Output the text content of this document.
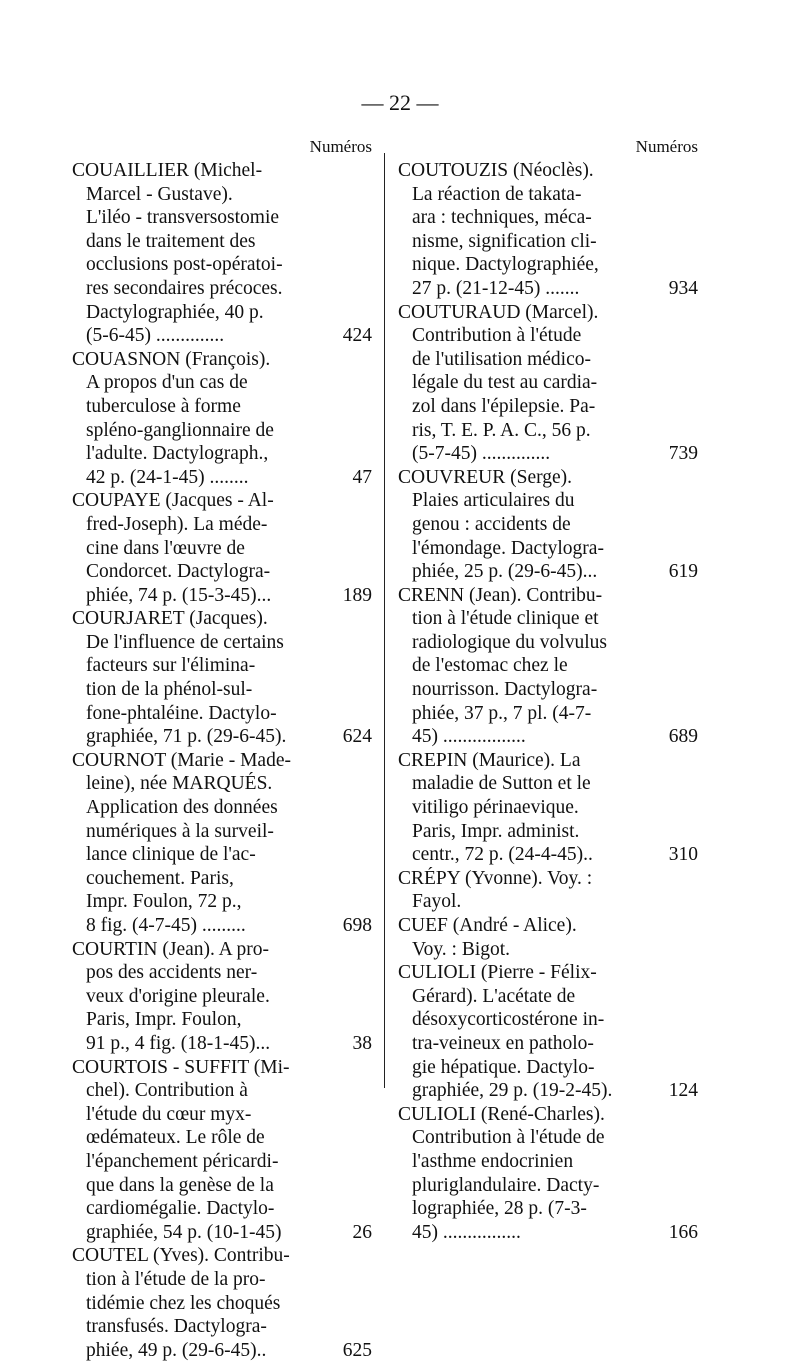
— 22 —
Numéros
COUAILLIER (Michel-
Marcel - Gustave).
L'iléo - transversostomie
dans le traitement des
occlusions post-opératoi-
res secondaires précoces.
Dactylographiée, 40 p.
(5-6-45) ..............	424
COUASNON (François).
A propos d'un cas de
tuberculose à forme
spléno-ganglionnaire de
l'adulte. Dactylograph.,
42 p. (24-1-45) ........	47
COUPAYE (Jacques - Al-
fred-Joseph). La méde-
cine dans l'œuvre de
Condorcet. Dactylogra-
phiée, 74 p. (15-3-45)...	189
COURJARET (Jacques).
De l'influence de certains
facteurs sur l'élimina-
tion de la phénol-sul-
fone-phtaléine. Dactylo-
graphiée, 71 p. (29-6-45).	624
COURNOT (Marie - Made-
leine), née MARQUÉS.
Application des données
numériques à la surveil-
lance clinique de l'ac-
couchement. Paris,
Impr. Foulon, 72 p.,
8 fig. (4-7-45) .........	698
COURTIN (Jean). A pro-
pos des accidents ner-
veux d'origine pleurale.
Paris, Impr. Foulon,
91 p., 4 fig. (18-1-45)...	38
COURTOIS - SUFFIT (Mi-
chel). Contribution à
l'étude du cœur myx-
œdémateux. Le rôle de
l'épanchement péricardi-
que dans la genèse de la
cardiomégalie. Dactylo-
graphiée, 54 p. (10-1-45)	26
COUTEL (Yves). Contribu-
tion à l'étude de la pro-
tidémie chez les choqués
transfusés. Dactylogra-
phiée, 49 p. (29-6-45)..	625
Numéros
COUTOUZIS (Néoclès).
La réaction de takata-
ara : techniques, méca-
nisme, signification cli-
nique. Dactylographiée,
27 p. (21-12-45) .......	934
COUTURAUD (Marcel).
Contribution à l'étude
de l'utilisation médico-
légale du test au cardia-
zol dans l'épilepsie. Pa-
ris, T. E. P. A. C., 56 p.
(5-7-45) ..............	739
COUVREUR (Serge).
Plaies articulaires du
genou : accidents de
l'émondage. Dactylogra-
phiée, 25 p. (29-6-45)...	619
CRENN (Jean). Contribu-
tion à l'étude clinique et
radiologique du volvulus
de l'estomac chez le
nourrisson. Dactylogra-
phiée, 37 p., 7 pl. (4-7-
45) .................	689
CREPIN (Maurice). La
maladie de Sutton et le
vitiligo périnaevique.
Paris, Impr. administ.
centr., 72 p. (24-4-45)..	310
CRÉPY (Yvonne). Voy. :
Fayol.
CUEF (André - Alice).
Voy. : Bigot.
CULIOLI (Pierre - Félix-
Gérard). L'acétate de
désoxycorticostérone in-
tra-veineux en patholo-
gie hépatique. Dactylo-
graphiée, 29 p. (19-2-45).	124
CULIOLI (René-Charles).
Contribution à l'étude de
l'asthme endocrinien
pluriglandulaire. Dacty-
lographiée, 28 p. (7-3-
45) ................	166
